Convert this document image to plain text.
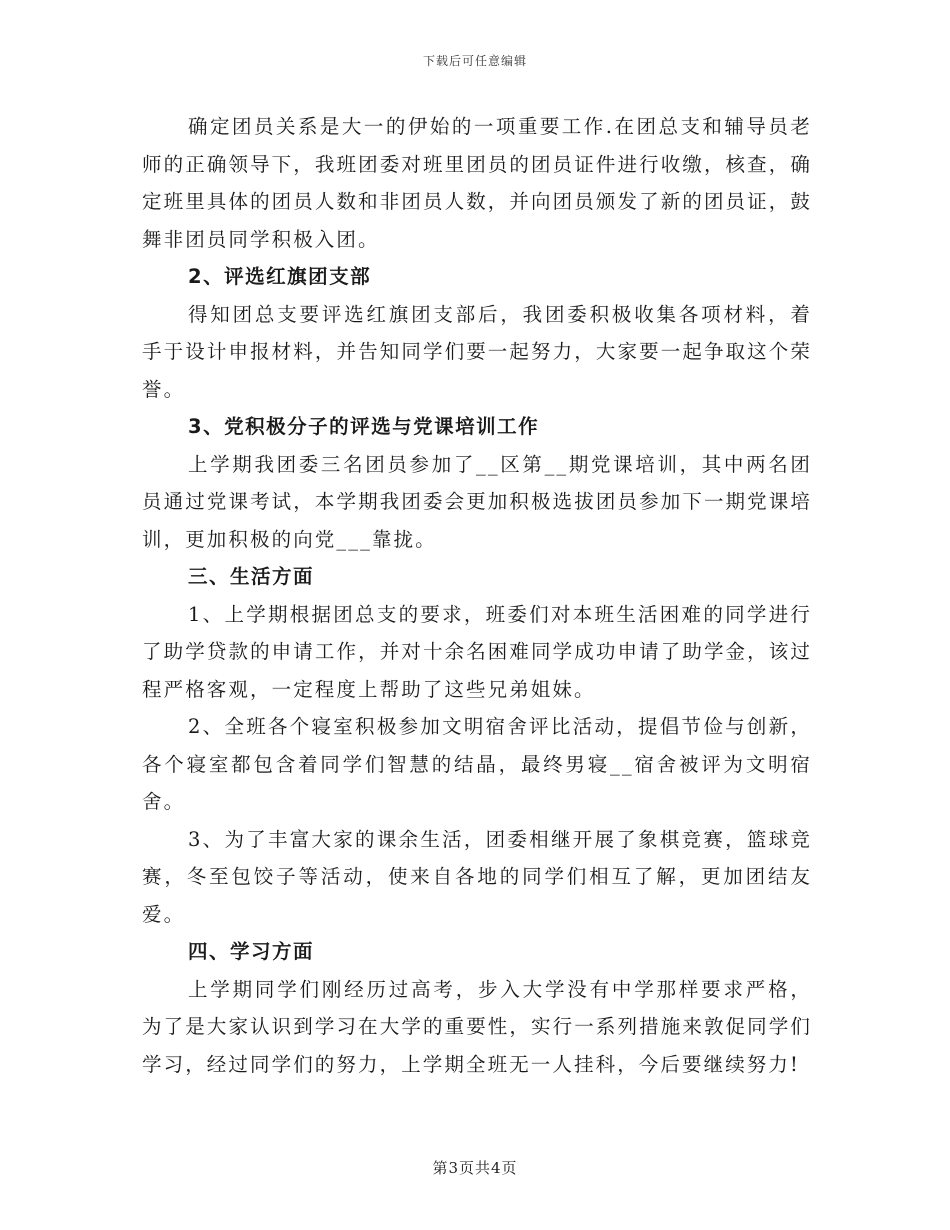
下载后可任意编辑

确定团员关系是大一的伊始的一项重要工作.在团总支和辅导员老师的正确领导下，我班团委对班里团员的团员证件进行收缴，核查，确定班里具体的团员人数和非团员人数，并向团员颁发了新的团员证，鼓舞非团员同学积极入团。

2、评选红旗团支部

得知团总支要评选红旗团支部后，我团委积极收集各项材料，着手于设计申报材料，并告知同学们要一起努力，大家要一起争取这个荣誉。

3、党积极分子的评选与党课培训工作

上学期我团委三名团员参加了__区第__期党课培训，其中两名团员通过党课考试，本学期我团委会更加积极选拔团员参加下一期党课培训，更加积极的向党___靠拢。

三、生活方面

1、上学期根据团总支的要求，班委们对本班生活困难的同学进行了助学贷款的申请工作，并对十余名困难同学成功申请了助学金，该过程严格客观，一定程度上帮助了这些兄弟姐妹。

2、全班各个寝室积极参加文明宿舍评比活动，提倡节俭与创新，各个寝室都包含着同学们智慧的结晶，最终男寝__宿舍被评为文明宿舍。

3、为了丰富大家的课余生活，团委相继开展了象棋竞赛，篮球竞赛，冬至包饺子等活动，使来自各地的同学们相互了解，更加团结友爱。

四、学习方面

上学期同学们刚经历过高考，步入大学没有中学那样要求严格，为了是大家认识到学习在大学的重要性，实行一系列措施来敦促同学们学习，经过同学们的努力，上学期全班无一人挂科，今后要继续努力!

第3页共4页
